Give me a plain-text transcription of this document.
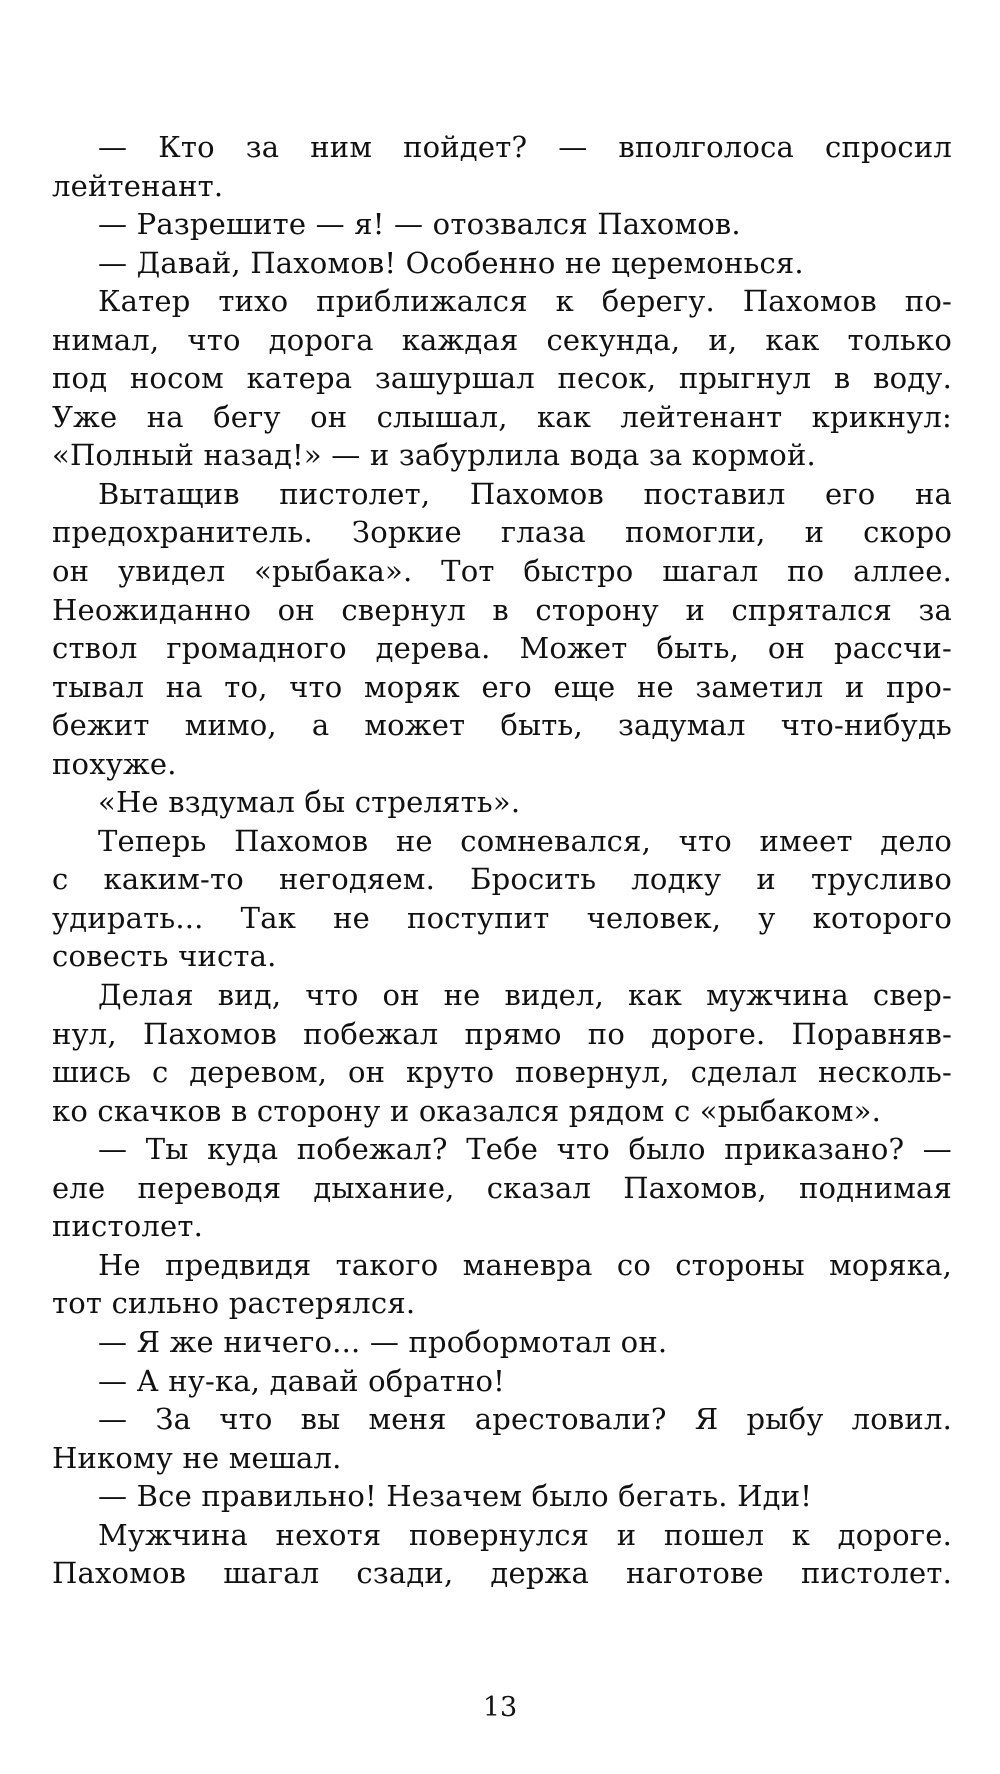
— Кто за ним пойдет? — вполголоса спросил
лейтенант.
— Разрешите — я! — отозвался Пахомов.
— Давай, Пахомов! Особенно не церемонься.
Катер тихо приближался к берегу. Пахомов по-
нимал, что дорога каждая секунда, и, как только
под носом катера зашуршал песок, прыгнул в воду.
Уже на бегу он слышал, как лейтенант крикнул:
«Полный назад!» — и забурлила вода за кормой.
Вытащив пистолет, Пахомов поставил его на
предохранитель. Зоркие глаза помогли, и скоро
он увидел «рыбака». Тот быстро шагал по аллее.
Неожиданно он свернул в сторону и спрятался за
ствол громадного дерева. Может быть, он рассчи-
тывал на то, что моряк его еще не заметил и про-
бежит мимо, а может быть, задумал что-нибудь
похуже.
«Не вздумал бы стрелять».
Теперь Пахомов не сомневался, что имеет дело
с каким-то негодяем. Бросить лодку и трусливо
удирать... Так не поступит человек, у которого
совесть чиста.
Делая вид, что он не видел, как мужчина свер-
нул, Пахомов побежал прямо по дороге. Поравняв-
шись с деревом, он круто повернул, сделал несколь-
ко скачков в сторону и оказался рядом с «рыбаком».
— Ты куда побежал? Тебе что было приказано? —
еле переводя дыхание, сказал Пахомов, поднимая
пистолет.
Не предвидя такого маневра со стороны моряка,
тот сильно растерялся.
— Я же ничего... — пробормотал он.
— А ну-ка, давай обратно!
— За что вы меня арестовали? Я рыбу ловил.
Никому не мешал.
— Все правильно! Незачем было бегать. Иди!
Мужчина нехотя повернулся и пошел к дороге.
Пахомов шагал сзади, держа наготове пистолет.
13
